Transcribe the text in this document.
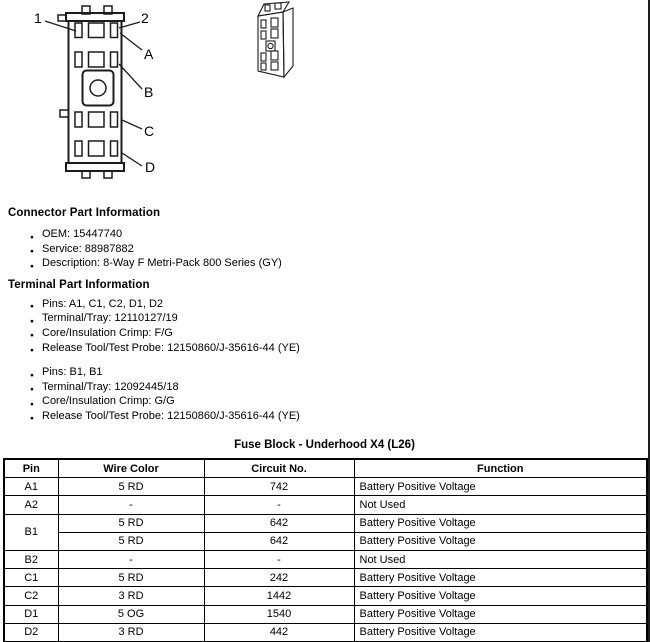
1	2
A
B
C
D
Connector Part Information
● OEM: 15447740
● Service: 88987882
● Description: 8-Way F Metri-Pack 800 Series (GY)
Terminal Part Information
● Pins: A1, C1, C2, D1, D2
● Terminal/Tray: 12110127/19
● Core/Insulation Crimp: F/G
● Release Tool/Test Probe: 12150860/J-35616-44 (YE)
● Pins: B1, B1
● Terminal/Tray: 12092445/18
● Core/Insulation Crimp: G/G
● Release Tool/Test Probe: 12150860/J-35616-44 (YE)
Fuse Block - Underhood X4 (L26)
Pin	Wire Color	Circuit No.	Function
A1	5 RD	742	Battery Positive Voltage
A2	-	-	Not Used
B1	5 RD	642	Battery Positive Voltage
	5 RD	642	Battery Positive Voltage
B2	-	-	Not Used
C1	5 RD	242	Battery Positive Voltage
C2	3 RD	1442	Battery Positive Voltage
D1	5 OG	1540	Battery Positive Voltage
D2	3 RD	442	Battery Positive Voltage
